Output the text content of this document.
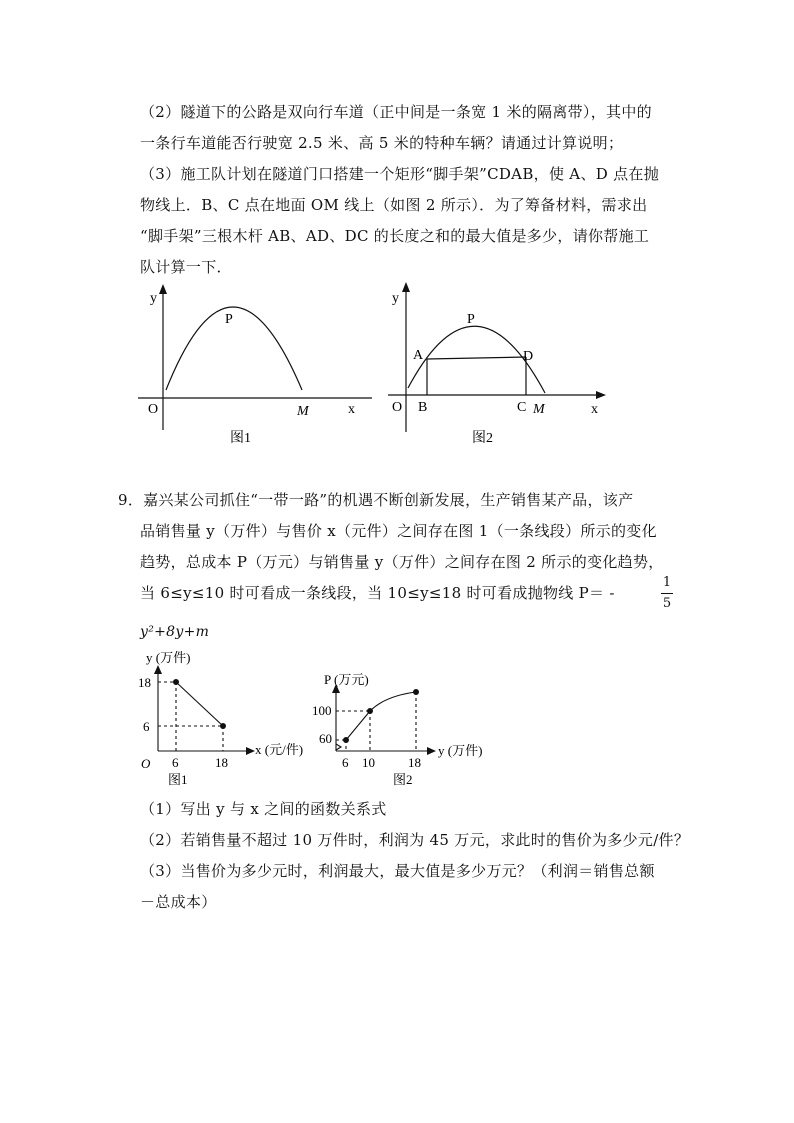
（2）隧道下的公路是双向行车道（正中间是一条宽 1 米的隔离带），其中的
一条行车道能否行驶宽 2.5 米、高 5 米的特种车辆？请通过计算说明；
（3）施工队计划在隧道门口搭建一个矩形“脚手架”CDAB，使 A、D 点在抛
物线上．B、C 点在地面 OM 线上（如图 2 所示）．为了筹备材料，需求出
“脚手架”三根木杆 AB、AD、DC 的长度之和的最大值是多少，请你帮施工
队计算一下．
y
P
O	M	x
图1
y
P
A	D
O B	C M	x
图2
9．嘉兴某公司抓住“一带一路”的机遇不断创新发展，生产销售某产品，该产
品销售量 y（万件）与售价 x（元件）之间存在图 1（一条线段）所示的变化
趋势，总成本 P（万元）与销售量 y（万件）之间存在图 2 所示的变化趋势，
当 6≤y≤10 时可看成一条线段，当 10≤y≤18 时可看成抛物线 P＝ -
1
5
y²+8y+m
y (万件)
18
6
O 6	18
x (元/件)
图1
P (万元)
100
60
6 10	18
y (万件)
图2
（1）写出 y 与 x 之间的函数关系式
（2）若销售量不超过 10 万件时，利润为 45 万元，求此时的售价为多少元/件？
（3）当售价为多少元时，利润最大，最大值是多少万元？（利润＝销售总额
－总成本）
